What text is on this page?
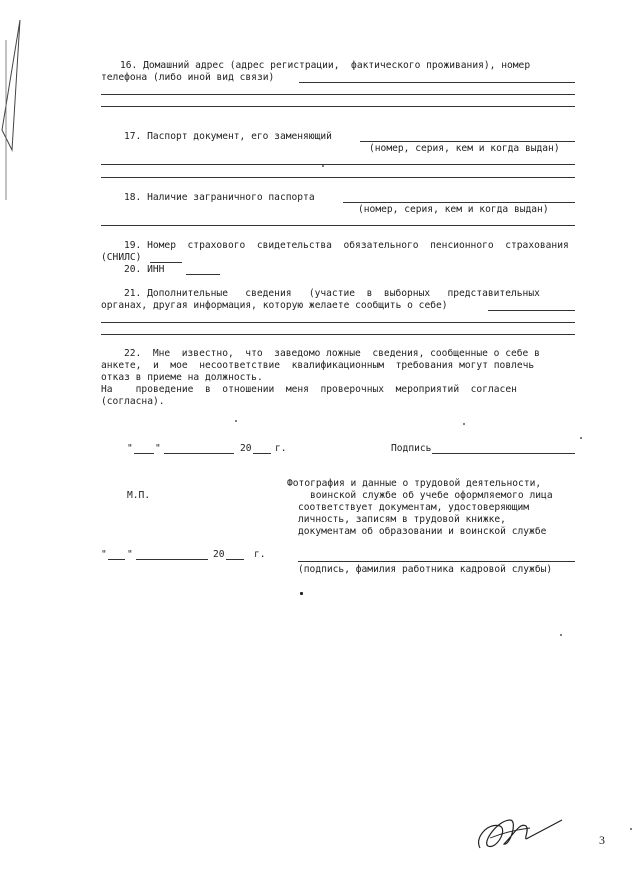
16. Домашний адрес (адрес регистрации,  фактического проживания), номер
телефона (либо иной вид связи)
17. Паспорт документ, его заменяющий
(номер, серия, кем и когда выдан)
18. Наличие заграничного паспорта
(номер, серия, кем и когда выдан)
19. Номер  страхового  свидетельства  обязательного  пенсионного  страхования
(СНИЛС)
20. ИНН
21. Дополнительные   сведения   (участие  в  выборных   представительных
органах, другая информация, которую желаете сообщить о себе)
22.  Мне  известно,  что  заведомо ложные  сведения, сообщенные о себе в
анкете,  и  мое  несоответствие  квалификационным  требования могут повлечь
отказ в приеме на должность.
На    проведение  в  отношении  меня  проверочных  мероприятий  согласен
(согласна).
" "	20 г.	Подпись
М.П.
Фотография и данные о трудовой деятельности,
воинской службе об учебе оформляемого лица
соответствует документам, удостоверяющим
личность, записям в трудовой книжке,
документам об образовании и воинской службе
" "	20	г.
(подпись, фамилия работника кадровой службы)
3
